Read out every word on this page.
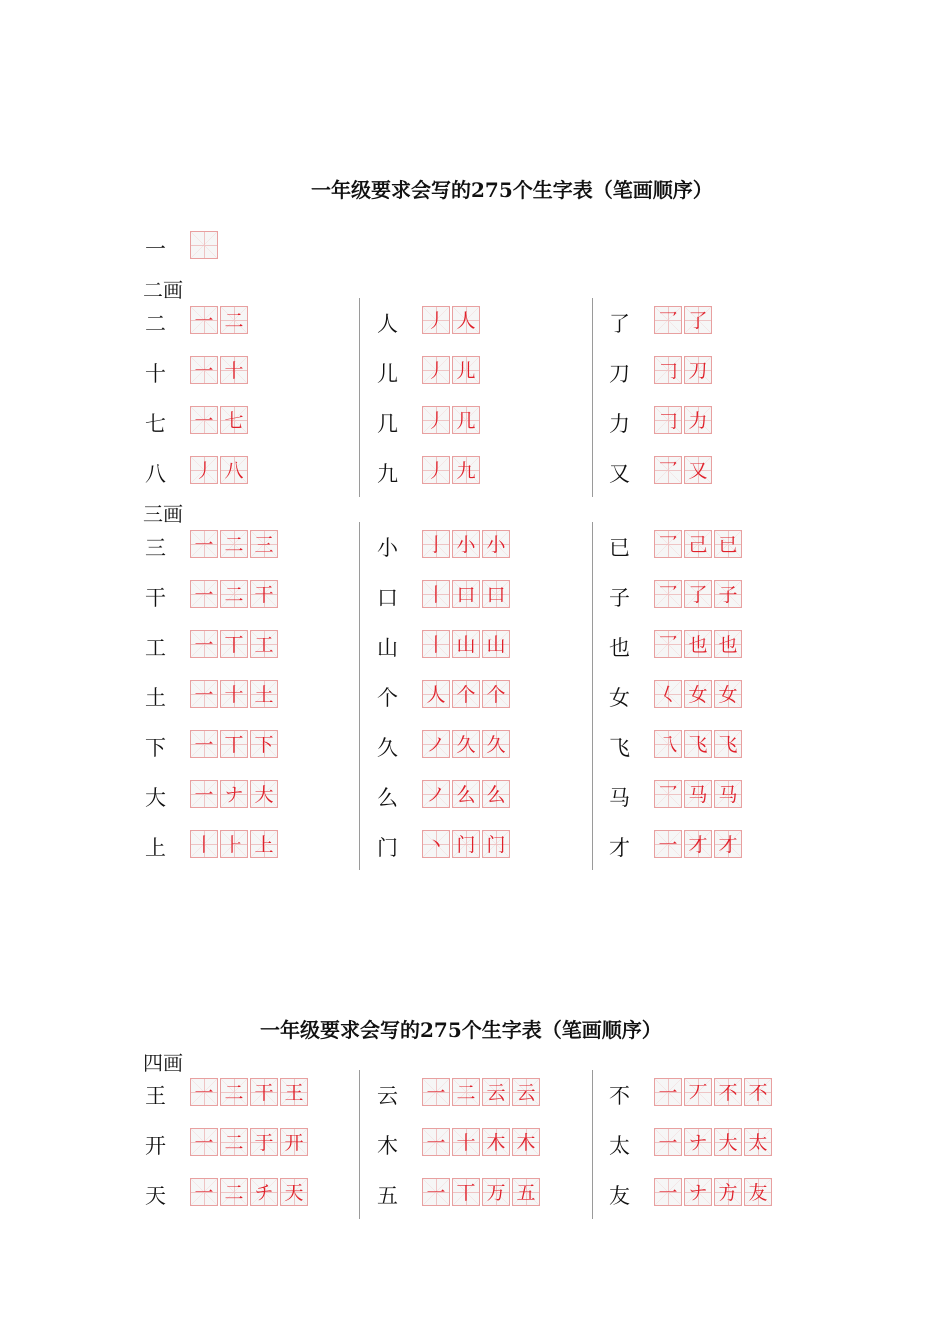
一年级要求会写的275个生字表（笔画顺序）
一
二画
二 一 二
十 一 十
七 一 七
八 丿 八
人 丿 人
儿 丿 儿
几 丿 几
九 丿 九
了 乛 了
刀 𠃌 刀
力 𠃌 力
又 乛 又
三画
三 一 二 三
干 一 二 干
工 一 丅 工
土 一 十 土
下 一 丅 下
大 一 ナ 大
上 丨 ⺊ 上
小 亅 小 小
口 丨 口 口
山 丨 山 山
个 人 个 个
久 ノ 久 久
么 ノ 么 么
门 丶 门 门
已 乛 己 已
子 乛 了 子
也 乛 也 也
女 𡿨 女 女
飞 乁 飞 飞
马 乛 马 马
才 一 才 才
一年级要求会写的275个生字表（笔画顺序）
四画
王 一 二 干 王
开 一 二 于 开
天 一 二 チ 天
云 一 二 云 云
木 一 十 木 木
五 一 丅 万 五
不 一 丆 不 不
太 一 ナ 大 太
友 一 ナ 方 友
